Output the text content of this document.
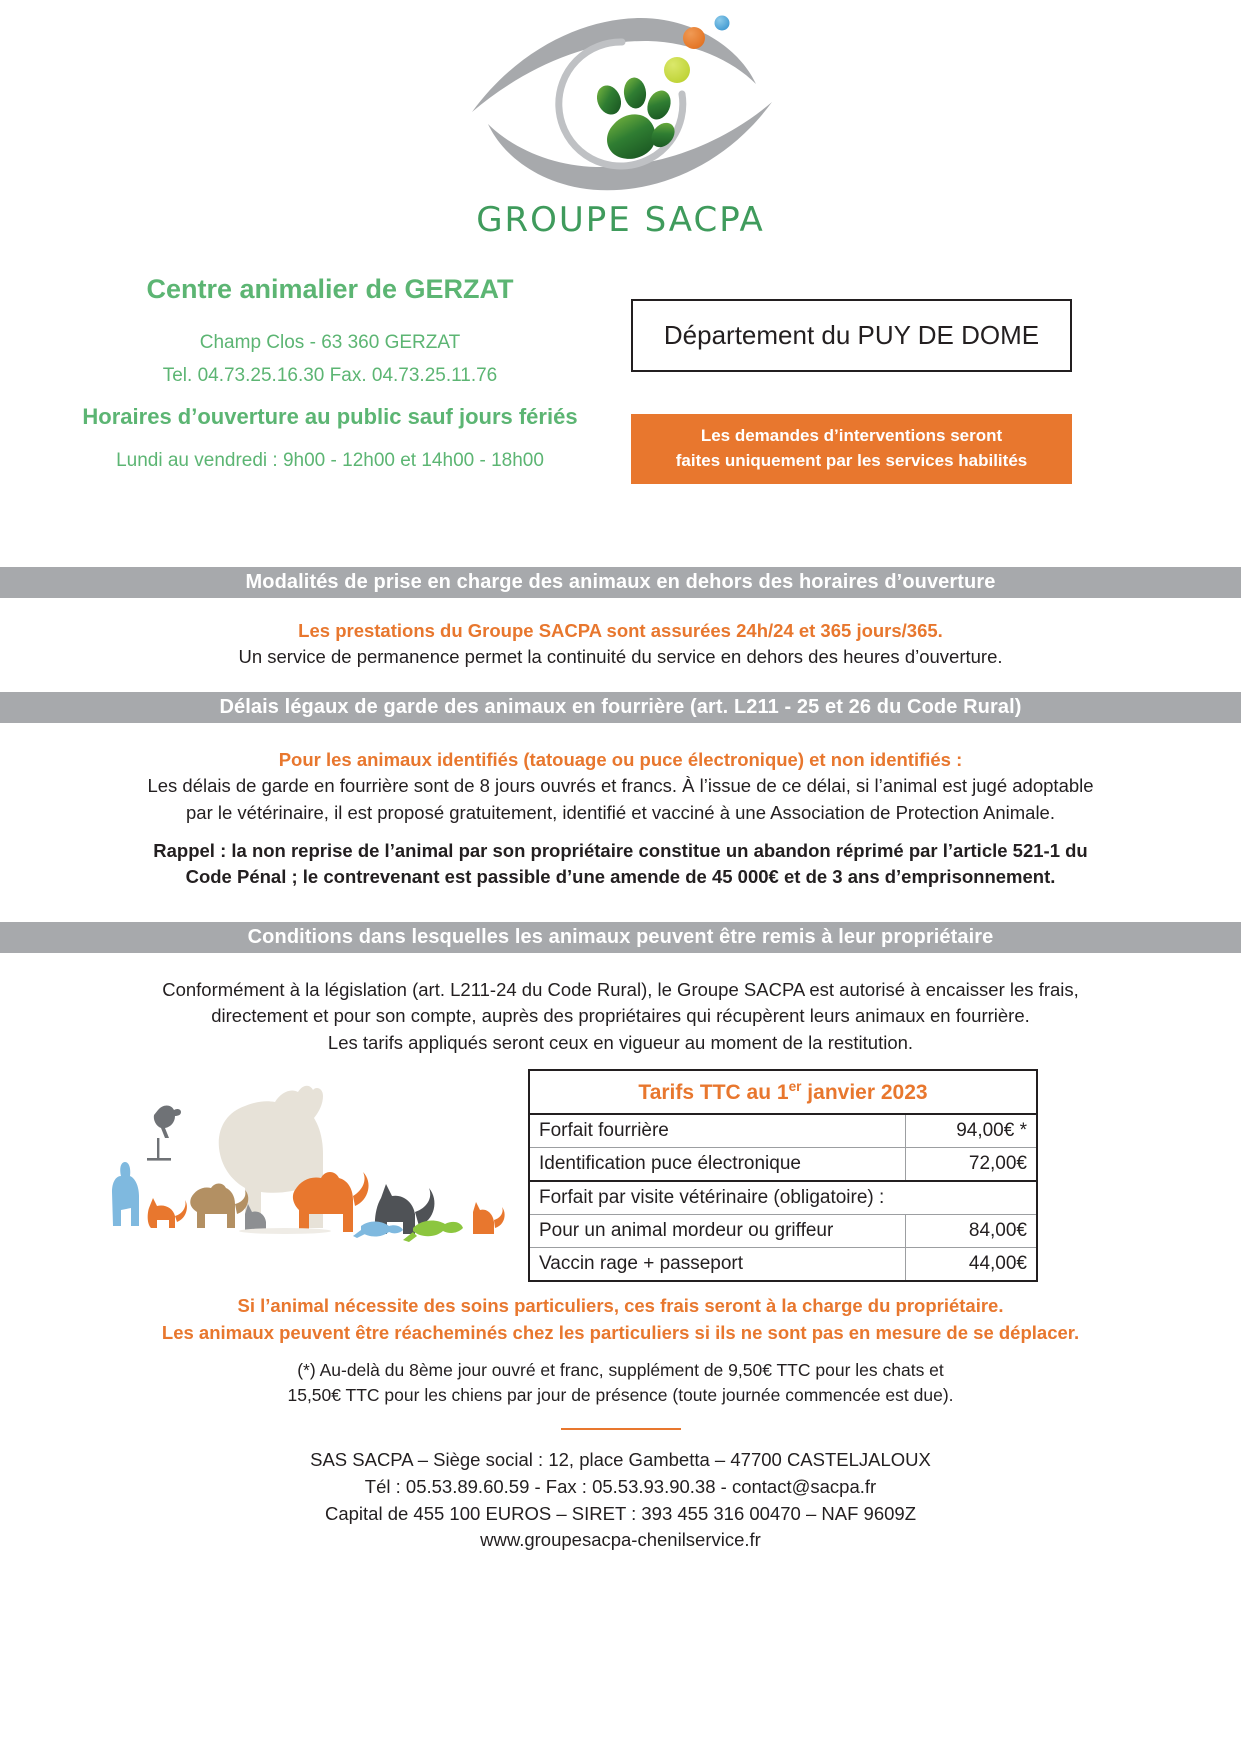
GROUPE SACPA
Centre animalier de GERZAT
Champ Clos - 63 360 GERZAT
Tel. 04.73.25.16.30 Fax. 04.73.25.11.76
Horaires d’ouverture au public sauf jours fériés
Lundi au vendredi : 9h00 - 12h00 et 14h00 - 18h00
Département du PUY DE DOME
Les demandes d’interventions seront
faites uniquement par les services habilités
Modalités de prise en charge des animaux en dehors des horaires d’ouverture
Les prestations du Groupe SACPA sont assurées 24h/24 et 365 jours/365.
Un service de permanence permet la continuité du service en dehors des heures d’ouverture.
Délais légaux de garde des animaux en fourrière (art. L211 - 25 et 26 du Code Rural)
Pour les animaux identifiés (tatouage ou puce électronique) et non identifiés :
Les délais de garde en fourrière sont de 8 jours ouvrés et francs. À l’issue de ce délai, si l’animal est jugé adoptable
par le vétérinaire, il est proposé gratuitement, identifié et vacciné à une Association de Protection Animale.
Rappel : la non reprise de l’animal par son propriétaire constitue un abandon réprimé par l’article 521-1 du
Code Pénal ; le contrevenant est passible d’une amende de 45 000€ et de 3 ans d’emprisonnement.
Conditions dans lesquelles les animaux peuvent être remis à leur propriétaire
Conformément à la législation (art. L211-24 du Code Rural), le Groupe SACPA est autorisé à encaisser les frais,
directement et pour son compte, auprès des propriétaires qui récupèrent leurs animaux en fourrière.
Les tarifs appliqués seront ceux en vigueur au moment de la restitution.
Tarifs TTC au 1er janvier 2023	
Forfait fourrière	94,00€ *
Identification puce électronique	72,00€
Forfait par visite vétérinaire (obligatoire) :	
Pour un animal mordeur ou griffeur	84,00€
Vaccin rage + passeport	44,00€
Si l’animal nécessite des soins particuliers, ces frais seront à la charge du propriétaire.
Les animaux peuvent être réacheminés chez les particuliers si ils ne sont pas en mesure de se déplacer.
(*) Au-delà du 8ème jour ouvré et franc, supplément de 9,50€ TTC pour les chats et
15,50€ TTC pour les chiens par jour de présence (toute journée commencée est due).
SAS SACPA – Siège social : 12, place Gambetta – 47700 CASTELJALOUX
Tél : 05.53.89.60.59 - Fax : 05.53.93.90.38 - contact@sacpa.fr
Capital de 455 100 EUROS – SIRET : 393 455 316 00470 – NAF 9609Z
www.groupesacpa-chenilservice.fr
